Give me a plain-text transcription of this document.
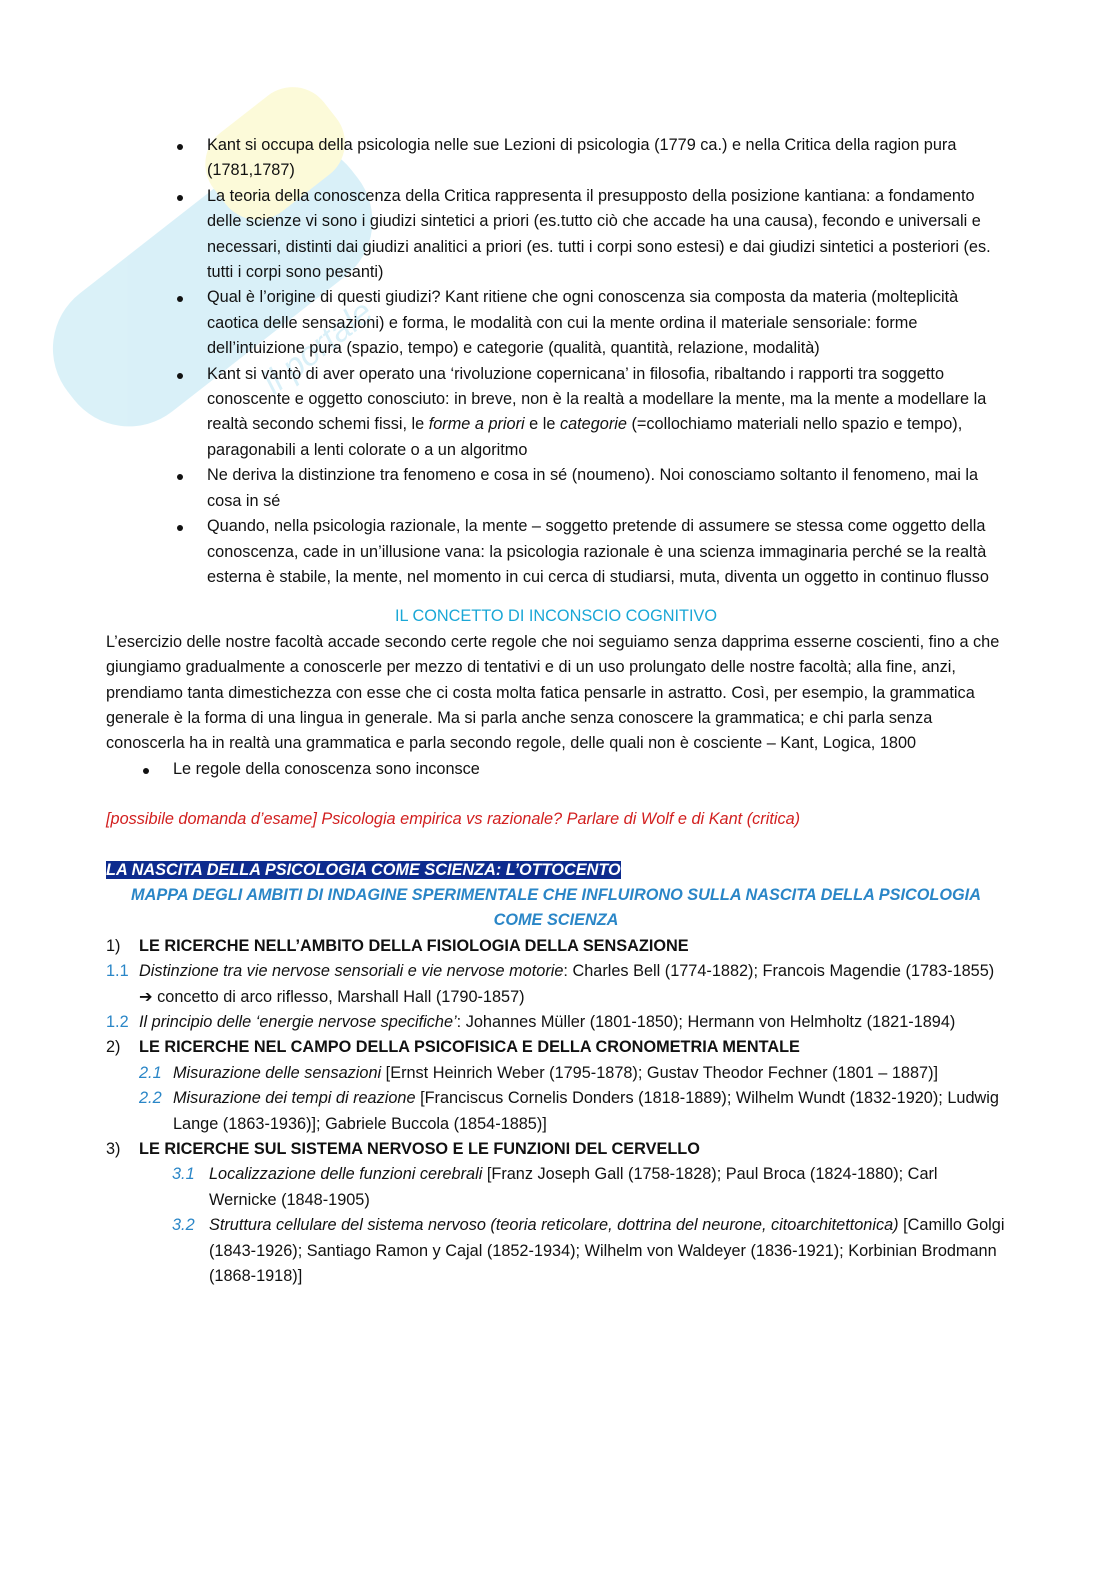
il portale
Kant si occupa della psicologia nelle sue Lezioni di psicologia (1779 ca.) e nella Critica della ragion pura (1781,1787)
La teoria della conoscenza della Critica rappresenta il presupposto della posizione kantiana: a fondamento delle scienze vi sono i giudizi sintetici a priori (es.tutto ciò che accade ha una causa), fecondo e universali e necessari, distinti dai giudizi analitici a priori (es. tutti i corpi sono estesi) e dai giudizi sintetici a posteriori (es. tutti i corpi sono pesanti)
Qual è l’origine di questi giudizi? Kant ritiene che ogni conoscenza sia composta da materia (molteplicità caotica delle sensazioni) e forma, le modalità con cui la mente ordina il materiale sensoriale: forme dell’intuizione pura (spazio, tempo) e categorie (qualità, quantità, relazione, modalità)
Kant si vantò di aver operato una ‘rivoluzione copernicana’ in filosofia, ribaltando i rapporti tra soggetto conoscente e oggetto conosciuto: in breve, non è la realtà a modellare la mente, ma la mente a modellare la realtà secondo schemi fissi, le forme a priori e le categorie (=collochiamo materiali nello spazio e tempo), paragonabili a lenti colorate o a un algoritmo
Ne deriva la distinzione tra fenomeno e cosa in sé (noumeno). Noi conosciamo soltanto il fenomeno, mai la cosa in sé
Quando, nella psicologia razionale, la mente – soggetto pretende di assumere se stessa come oggetto della conoscenza, cade in un’illusione vana: la psicologia razionale è una scienza immaginaria perché se la realtà esterna è stabile, la mente, nel momento in cui cerca di studiarsi, muta, diventa un oggetto in continuo flusso
IL CONCETTO DI INCONSCIO COGNITIVO

L’esercizio delle nostre facoltà accade secondo certe regole che noi seguiamo senza dapprima esserne coscienti, fino a che giungiamo gradualmente a conoscerle per mezzo di tentativi e di un uso prolungato delle nostre facoltà; alla fine, anzi, prendiamo tanta dimestichezza con esse che ci costa molta fatica pensarle in astratto. Così, per esempio, la grammatica generale è la forma di una lingua in generale. Ma si parla anche senza conoscere la grammatica; e chi parla senza conoscerla ha in realtà una grammatica e parla secondo regole, delle quali non è cosciente – Kant, Logica, 1800

Le regole della conoscenza sono inconsce
[possibile domanda d’esame] Psicologia empirica vs razionale? Parlare di Wolf e di Kant (critica)
LA NASCITA DELLA PSICOLOGIA COME SCIENZA: L’OTTOCENTO
MAPPA DEGLI AMBITI DI INDAGINE SPERIMENTALE CHE INFLUIRONO SULLA NASCITA DELLA PSICOLOGIA COME SCIENZA
1) LE RICERCHE NELL’AMBITO DELLA FISIOLOGIA DELLA SENSAZIONE
1.1 Distinzione tra vie nervose sensoriali e vie nervose motorie: Charles Bell (1774-1882); Francois Magendie (1783-1855) ➔ concetto di arco riflesso, Marshall Hall (1790-1857)
1.2 Il principio delle ‘energie nervose specifiche’: Johannes Müller (1801-1850); Hermann von Helmholtz (1821-1894)
2) LE RICERCHE NEL CAMPO DELLA PSICOFISICA E DELLA CRONOMETRIA MENTALE
2.1 Misurazione delle sensazioni [Ernst Heinrich Weber (1795-1878); Gustav Theodor Fechner (1801 – 1887)]
2.2 Misurazione dei tempi di reazione [Franciscus Cornelis Donders (1818-1889); Wilhelm Wundt (1832-1920); Ludwig Lange (1863-1936)]; Gabriele Buccola (1854-1885)]
3) LE RICERCHE SUL SISTEMA NERVOSO E LE FUNZIONI DEL CERVELLO
3.1 Localizzazione delle funzioni cerebrali [Franz Joseph Gall (1758-1828); Paul Broca (1824-1880); Carl Wernicke (1848-1905)
3.2 Struttura cellulare del sistema nervoso (teoria reticolare, dottrina del neurone, citoarchitettonica) [Camillo Golgi (1843-1926); Santiago Ramon y Cajal (1852-1934); Wilhelm von Waldeyer (1836-1921); Korbinian Brodmann (1868-1918)]
